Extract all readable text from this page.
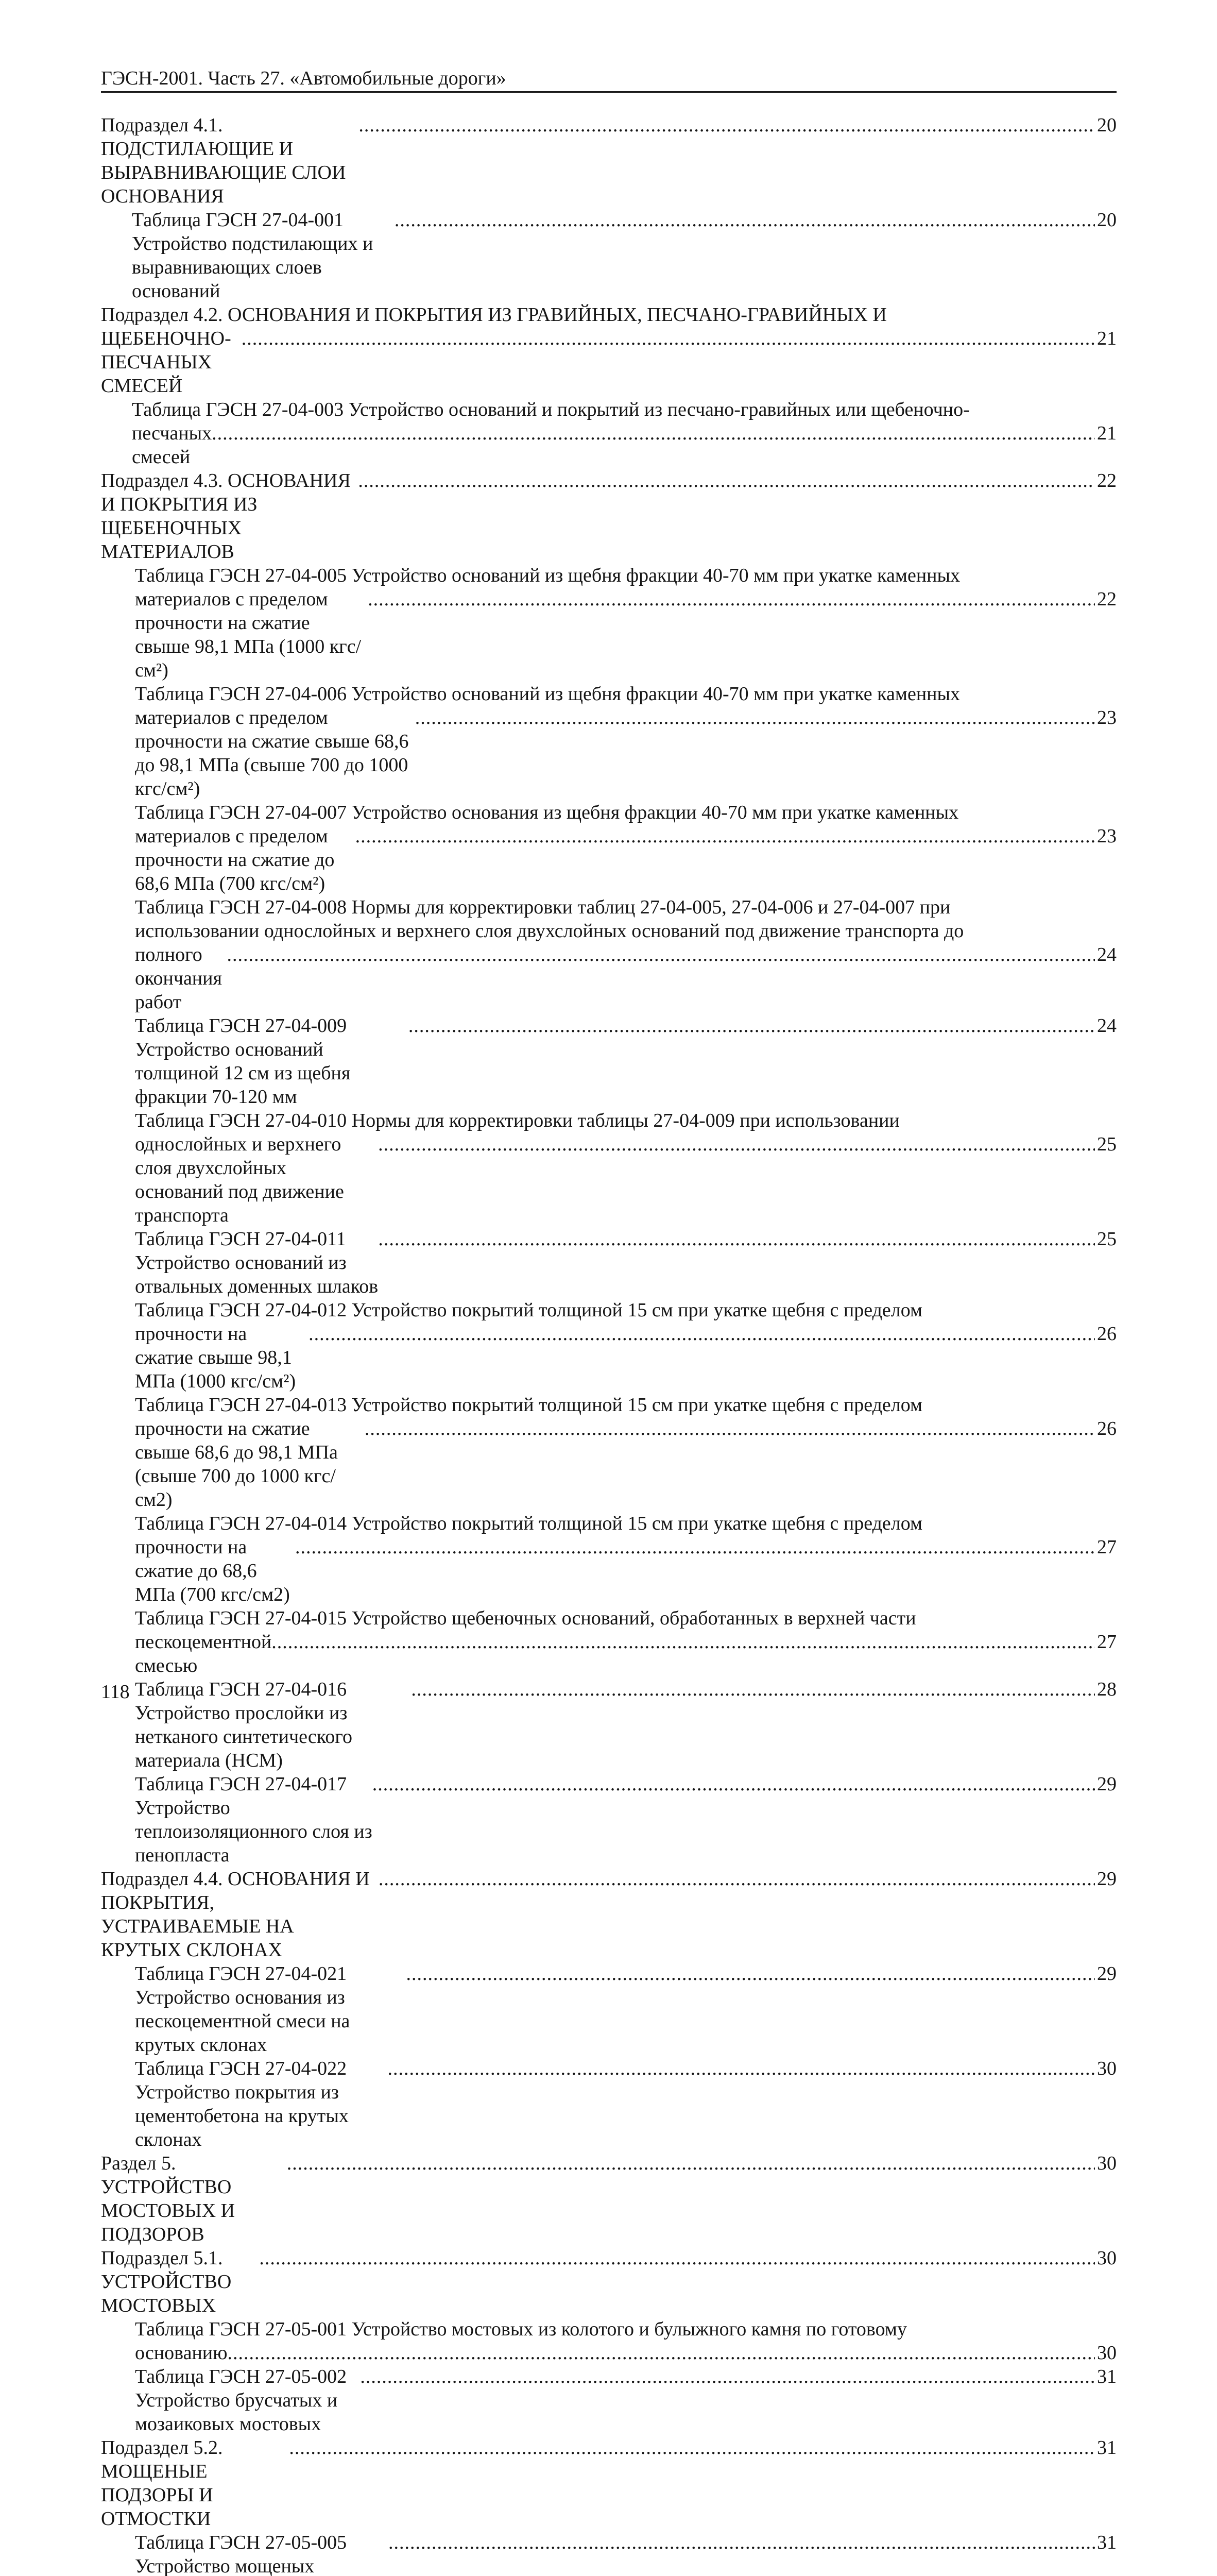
ГЭСН-2001. Часть 27. «Автомобильные дороги»
Подраздел 4.1. ПОДСТИЛАЮЩИЕ И ВЫРАВНИВАЮЩИЕ СЛОИ ОСНОВАНИЯ
.....
20
Таблица ГЭСН 27-04-001 Устройство подстилающих и выравнивающих слоев оснований
.....
20
Подраздел 4.2. ОСНОВАНИЯ И ПОКРЫТИЯ ИЗ ГРАВИЙНЫХ, ПЕСЧАНО-ГРАВИЙНЫХ И
ЩЕБЕНОЧНО-ПЕСЧАНЫХ СМЕСЕЙ
.....
21
Таблица ГЭСН 27-04-003 Устройство оснований и покрытий из песчано-гравийных или щебеночно-
песчаных смесей
.....
21
Подраздел 4.3. ОСНОВАНИЯ И ПОКРЫТИЯ ИЗ ЩЕБЕНОЧНЫХ МАТЕРИАЛОВ
.....
22
Таблица ГЭСН 27-04-005 Устройство оснований из щебня фракции 40-70 мм при укатке каменных
материалов с пределом прочности на сжатие свыше 98,1 МПа (1000 кгс/см²)
.....
22
Таблица ГЭСН 27-04-006 Устройство оснований из щебня фракции 40-70 мм при укатке каменных
материалов с пределом прочности на сжатие свыше 68,6 до 98,1 МПа (свыше 700 до 1000 кгс/см²)
.....
23
Таблица ГЭСН 27-04-007 Устройство основания из щебня фракции 40-70 мм при укатке каменных
материалов с пределом прочности на сжатие до 68,6 МПа (700 кгс/см²)
.....
23
Таблица ГЭСН 27-04-008 Нормы для корректировки таблиц 27-04-005, 27-04-006 и 27-04-007 при
использовании однослойных и верхнего слоя двухслойных оснований под движение транспорта до
полного окончания работ
.....
24
Таблица ГЭСН 27-04-009 Устройство оснований толщиной 12 см из щебня фракции 70-120 мм
.....
24
Таблица ГЭСН 27-04-010 Нормы для корректировки таблицы 27-04-009 при использовании
однослойных и верхнего слоя двухслойных оснований под движение транспорта
.....
25
Таблица ГЭСН 27-04-011 Устройство оснований из отвальных доменных шлаков
.....
25
Таблица ГЭСН 27-04-012 Устройство покрытий толщиной 15 см при укатке щебня с пределом
прочности на сжатие свыше 98,1 МПа (1000 кгс/см²)
.....
26
Таблица ГЭСН 27-04-013 Устройство покрытий толщиной 15 см при укатке щебня с пределом
прочности на сжатие свыше 68,6 до 98,1 МПа (свыше 700 до 1000 кгс/см2)
.....
26
Таблица ГЭСН 27-04-014 Устройство покрытий толщиной 15 см при укатке щебня с пределом
прочности на сжатие до 68,6 МПа (700 кгс/см2)
.....
27
Таблица ГЭСН 27-04-015 Устройство щебеночных оснований, обработанных в верхней части
пескоцементной смесью
.....
27
Таблица ГЭСН 27-04-016 Устройство прослойки из нетканого синтетического материала (НСМ)
.....
28
Таблица ГЭСН 27-04-017 Устройство теплоизоляционного слоя из пенопласта
.....
29
Подраздел 4.4. ОСНОВАНИЯ И ПОКРЫТИЯ, УСТРАИВАЕМЫЕ НА КРУТЫХ СКЛОНАХ
.....
29
Таблица ГЭСН 27-04-021 Устройство основания из пескоцементной смеси на крутых склонах
.....
29
Таблица ГЭСН 27-04-022 Устройство покрытия из цементобетона на крутых склонах
.....
30
Раздел 5. УСТРОЙСТВО МОСТОВЫХ И ПОДЗОРОВ
.....
30
Подраздел 5.1. УСТРОЙСТВО МОСТОВЫХ
.....
30
Таблица ГЭСН 27-05-001 Устройство мостовых из колотого и булыжного камня по готовому
основанию
.....	30
Таблица ГЭСН 27-05-002 Устройство брусчатых и мозаиковых мостовых
.....
31
Подраздел 5.2. МОЩЕНЫЕ ПОДЗОРЫ И ОТМОСТКИ
.....
31
Таблица ГЭСН 27-05-005 Устройство мощеных
.....
31
118
